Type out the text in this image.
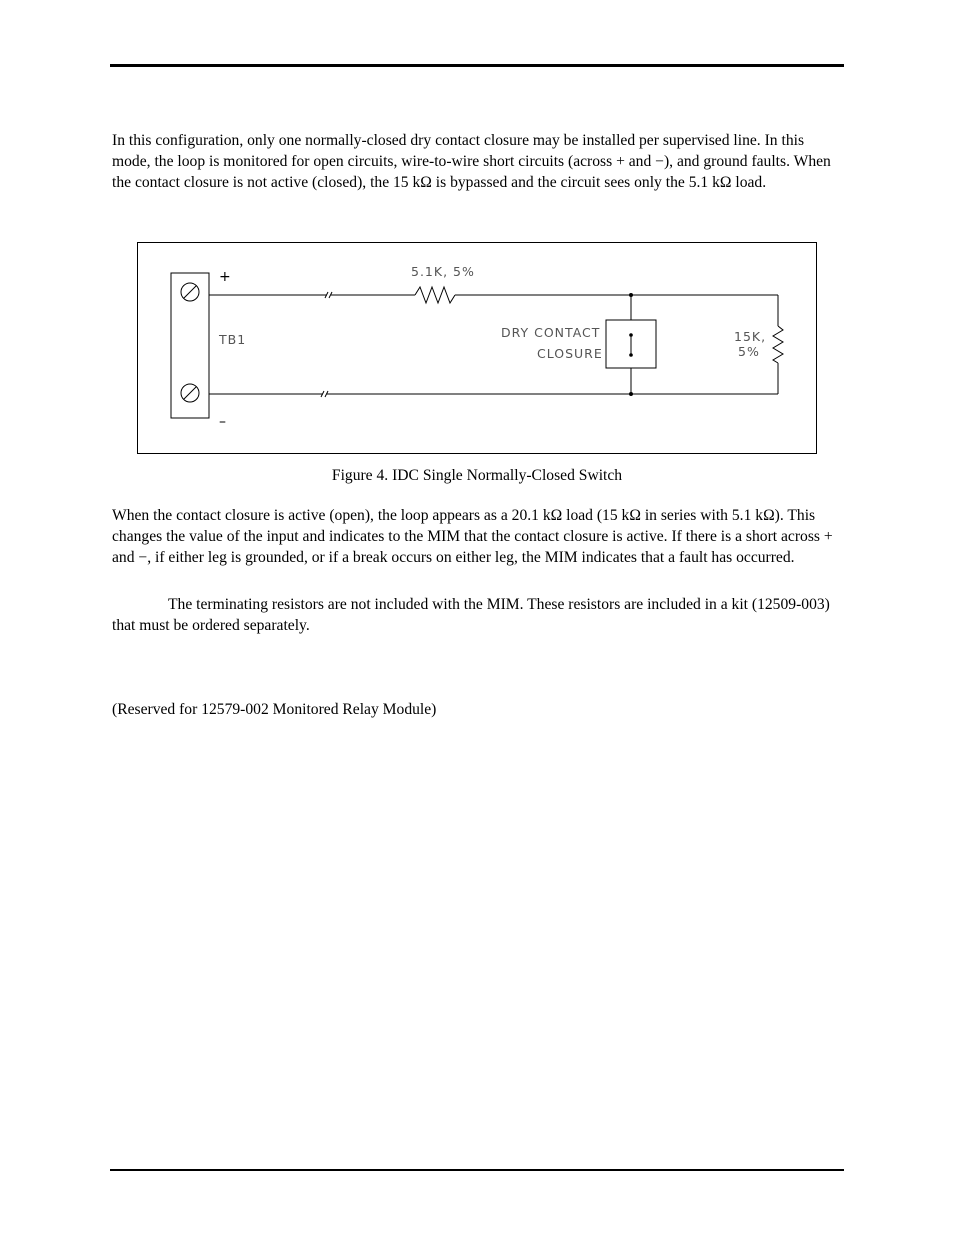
In this configuration, only one normally-closed dry contact closure may be installed per supervised line. In this mode, the loop is monitored for open circuits, wire-to-wire short circuits (across + and −), and ground faults. When the contact closure is not active (closed), the 15 kΩ is bypassed and the circuit sees only the 5.1 kΩ load.

+
–
TB1
5.1K, 5%
DRY CONTACT
CLOSURE
15K,
5%
Figure 4. IDC Single Normally-Closed Switch

When the contact closure is active (open), the loop appears as a 20.1 kΩ load (15 kΩ in series with 5.1 kΩ). This changes the value of the input and indicates to the MIM that the contact closure is active. If there is a short across + and −, if either leg is grounded, or if a break occurs on either leg, the MIM indicates that a fault has occurred.

The terminating resistors are not included with the MIM. These resistors are included in a kit (12509-003) that must be ordered separately.

(Reserved for 12579-002 Monitored Relay Module)
